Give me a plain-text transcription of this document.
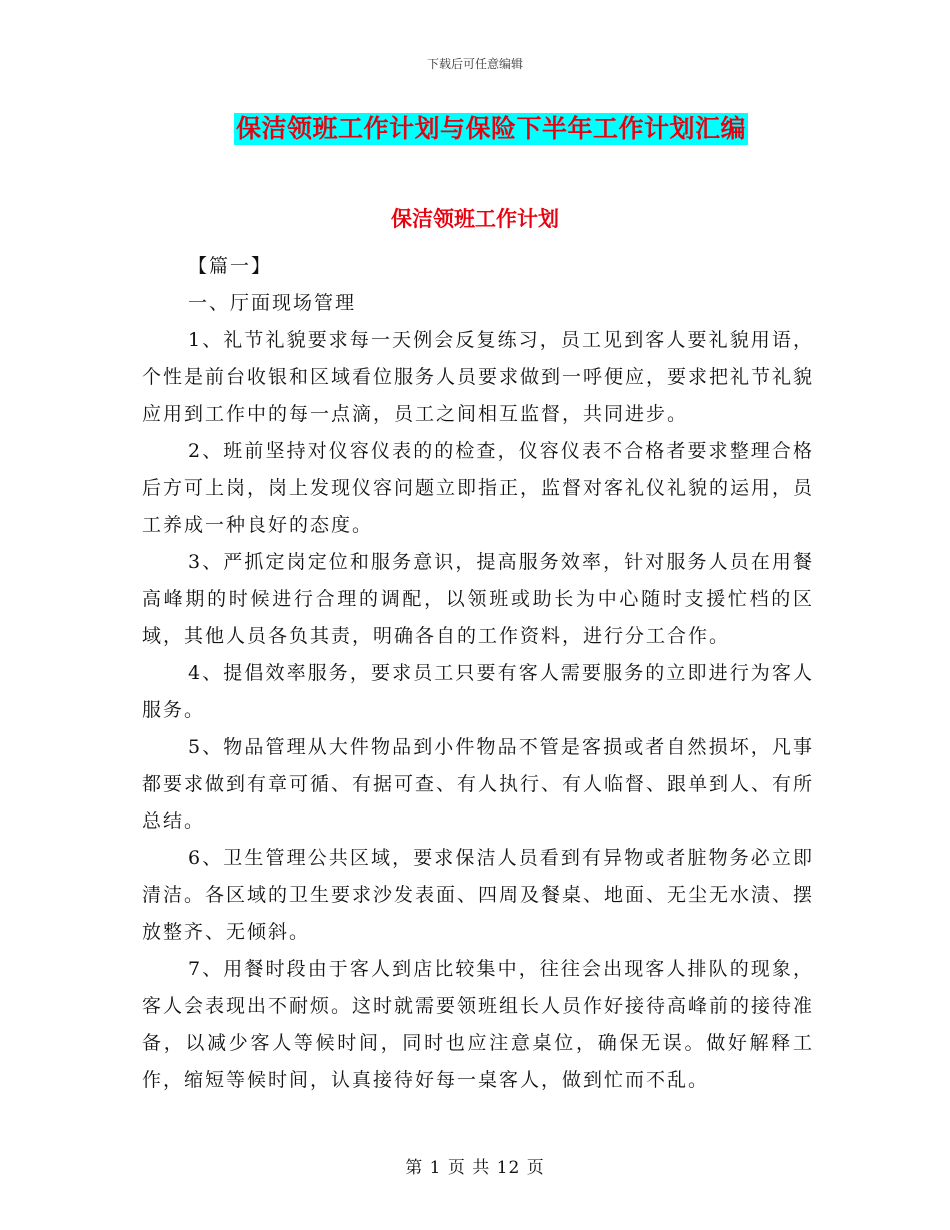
下载后可任意编辑
保洁领班工作计划与保险下半年工作计划汇编
保洁领班工作计划

【篇一】

一、厅面现场管理

1、礼节礼貌要求每一天例会反复练习，员工见到客人要礼貌用语，个性是前台收银和区域看位服务人员要求做到一呼便应，要求把礼节礼貌应用到工作中的每一点滴，员工之间相互监督，共同进步。

2、班前坚持对仪容仪表的的检查，仪容仪表不合格者要求整理合格后方可上岗，岗上发现仪容问题立即指正，监督对客礼仪礼貌的运用，员工养成一种良好的态度。

3、严抓定岗定位和服务意识，提高服务效率，针对服务人员在用餐高峰期的时候进行合理的调配，以领班或助长为中心随时支援忙档的区域，其他人员各负其责，明确各自的工作资料，进行分工合作。

4、提倡效率服务，要求员工只要有客人需要服务的立即进行为客人服务。

5、物品管理从大件物品到小件物品不管是客损或者自然损坏，凡事都要求做到有章可循、有据可查、有人执行、有人临督、跟单到人、有所总结。

6、卫生管理公共区域，要求保洁人员看到有异物或者脏物务必立即清洁。各区域的卫生要求沙发表面、四周及餐桌、地面、无尘无水渍、摆放整齐、无倾斜。

7、用餐时段由于客人到店比较集中，往往会出现客人排队的现象，客人会表现出不耐烦。这时就需要领班组长人员作好接待高峰前的接待准备，以减少客人等候时间，同时也应注意桌位，确保无误。做好解释工作，缩短等候时间，认真接待好每一桌客人，做到忙而不乱。

第 1 页 共 12 页
